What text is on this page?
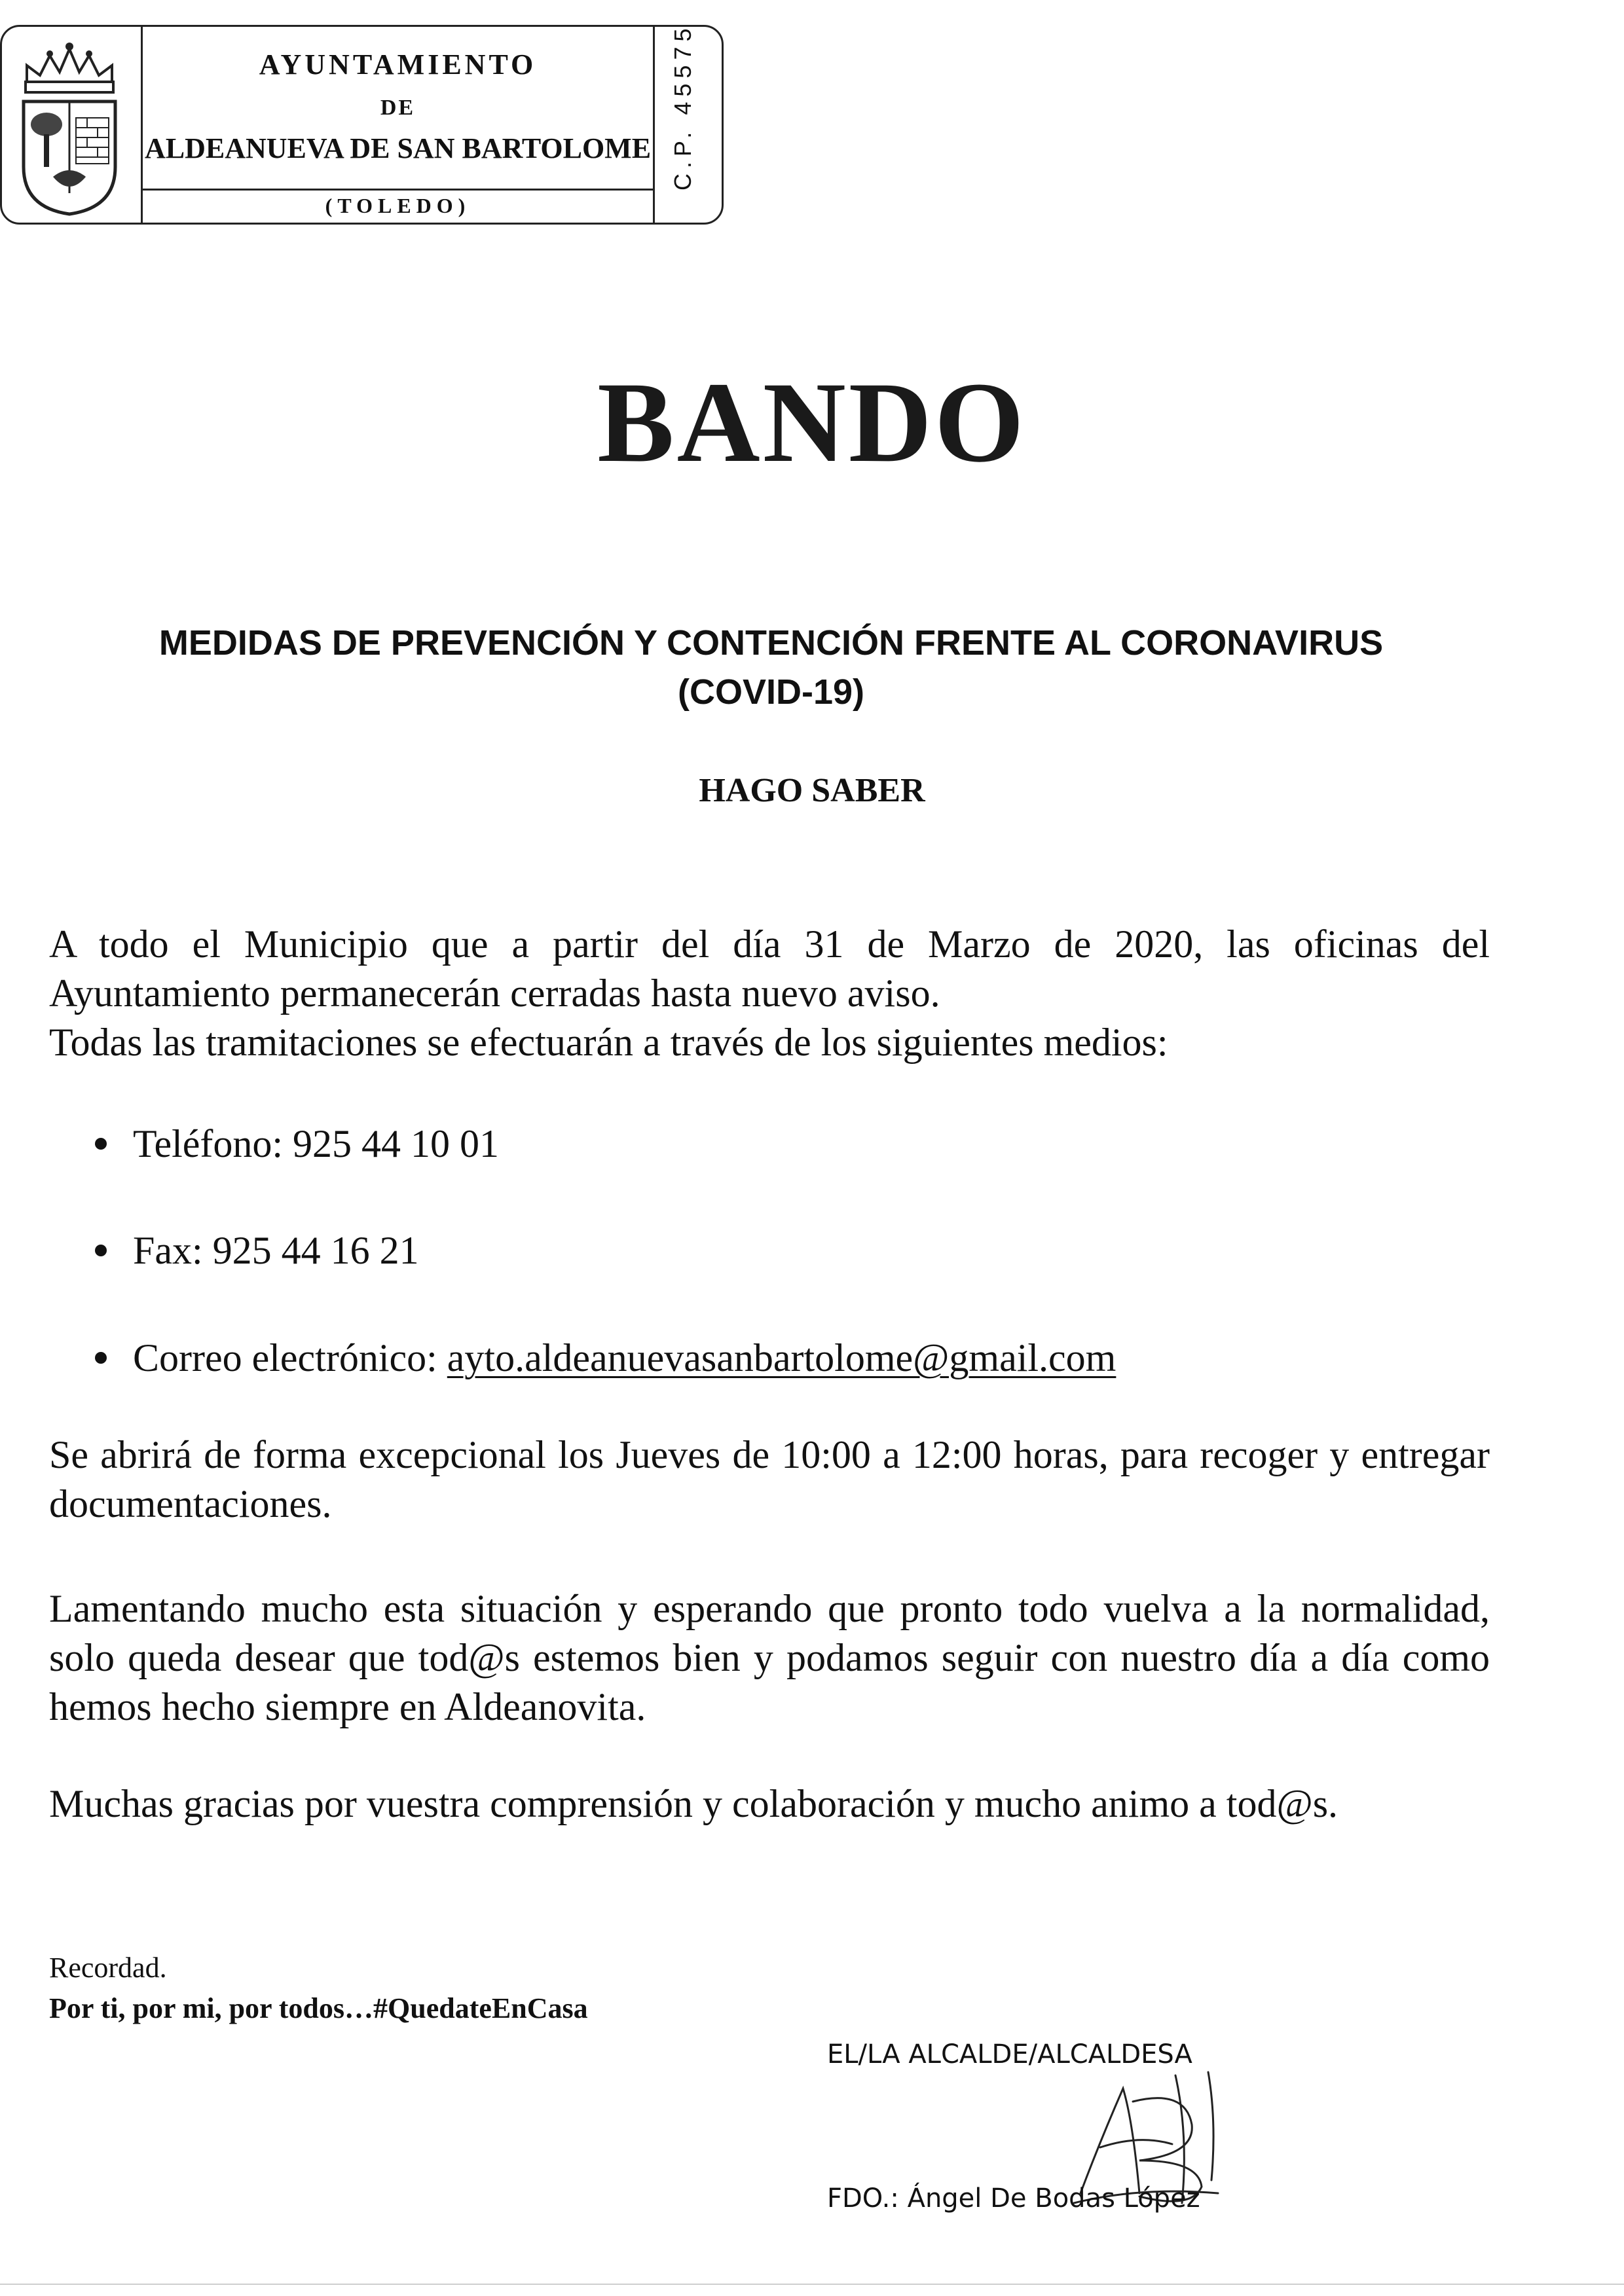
AYUNTAMIENTO
DE
ALDEANUEVA DE SAN BARTOLOME
(TOLEDO)
C.P. 45575
BANDO
MEDIDAS DE PREVENCIÓN Y CONTENCIÓN FRENTE AL CORONAVIRUS
(COVID-19)
HAGO SABER
A todo el Municipio que a partir del día 31 de Marzo de 2020, las oficinas del Ayuntamiento permanecerán cerradas hasta nuevo aviso.
Todas las tramitaciones se efectuarán a través de los siguientes medios:
Teléfono: 925 44 10 01
Fax: 925 44 16 21
Correo electrónico: ayto.aldeanuevasanbartolome@gmail.com
Se abrirá de forma excepcional los Jueves de 10:00 a 12:00 horas, para recoger y entregar documentaciones.
Lamentando mucho esta situación y esperando que pronto todo vuelva a la normalidad, solo queda desear que tod@s estemos bien y podamos seguir con nuestro día a día como hemos hecho siempre en Aldeanovita.
Muchas gracias por vuestra comprensión y colaboración y mucho animo a tod@s.
Recordad.
Por ti, por mi, por todos…#QuedateEnCasa
EL/LA ALCALDE/ALCALDESA
FDO.: Ángel De Bodas López
